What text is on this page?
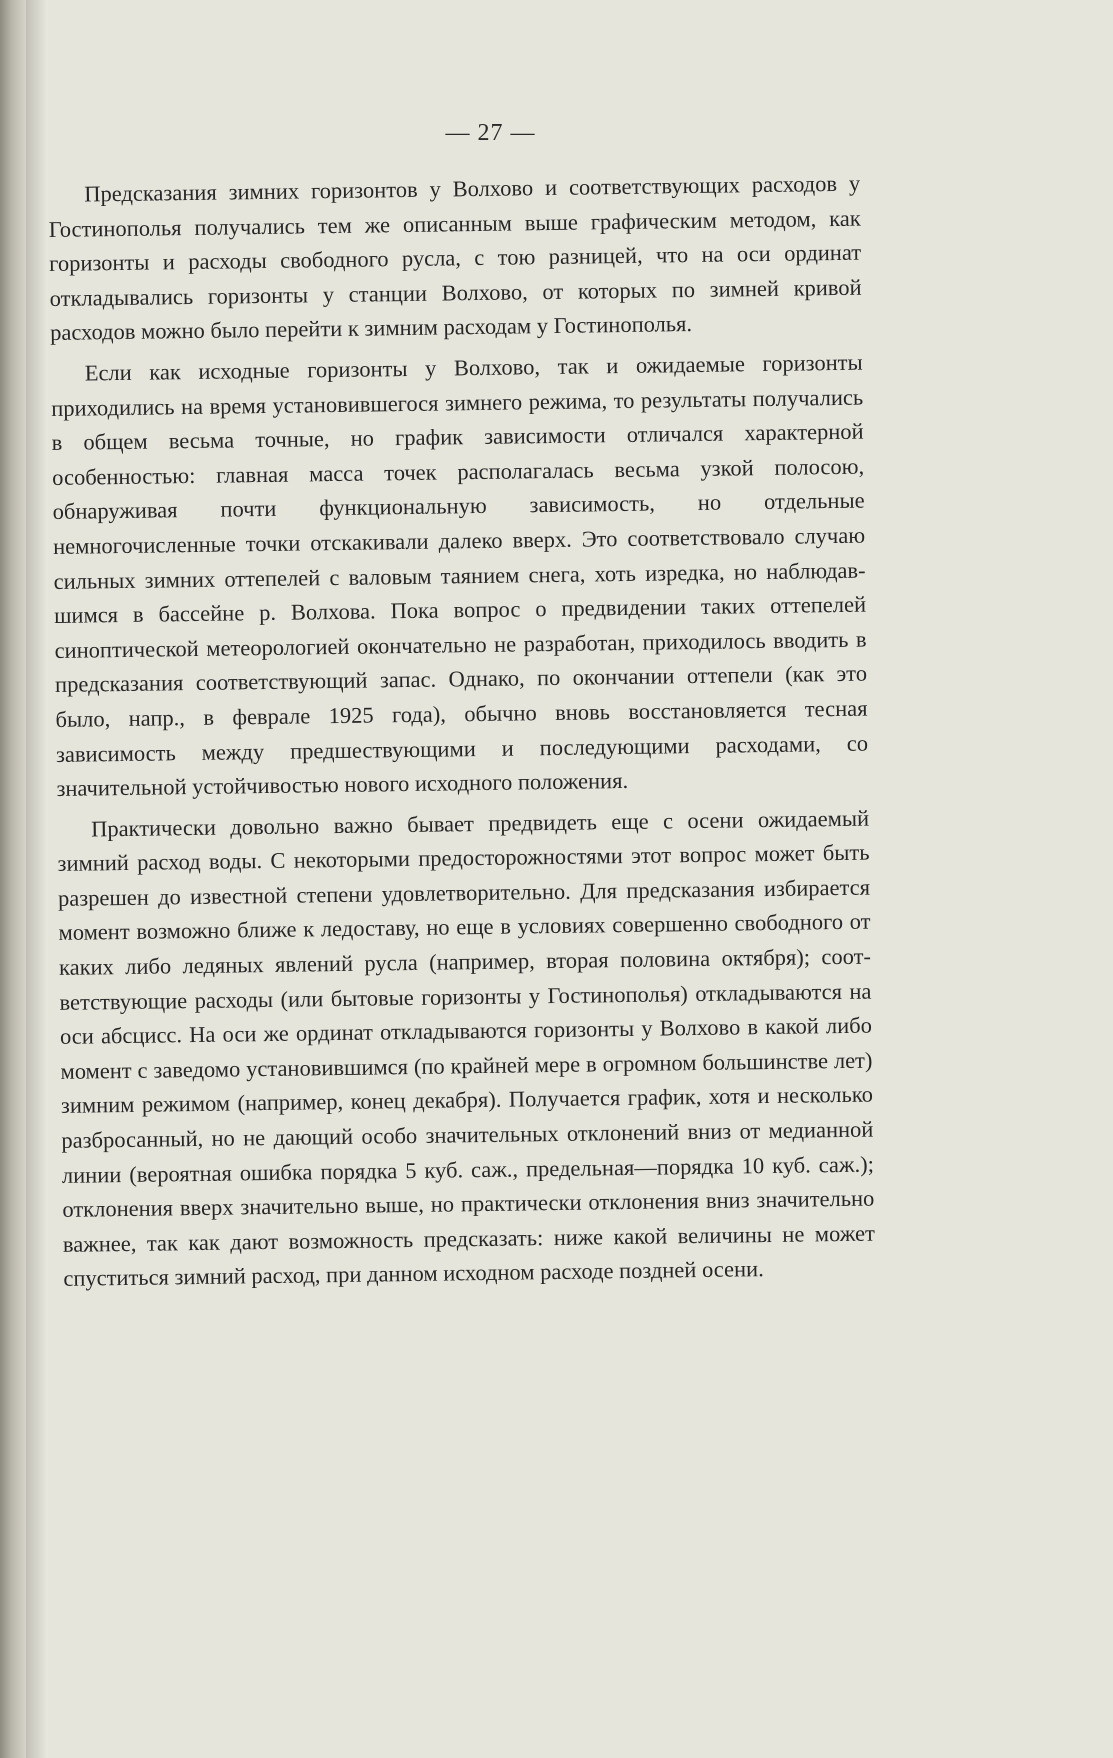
— 27 —

Предсказания зимних горизонтов у Волхово и соответствующих расходов у Гостинополья получались тем же описанным выше графическим методом, как горизонты и расходы свободного русла, с тою разницей, что на оси ординат откладывались горизонты у станции Волхово, от которых по зимней кривой расходов можно было перейти к зимним расходам у Гостинополья.

Если как исходные горизонты у Волхово, так и ожидаемые горизонты приходились на время установившегося зимнего режима, то результаты получались в общем весьма точные, но график зависимости отличался характерной особенностью: главная масса точек располагалась весьма узкой полосою, обнаруживая почти функциональную зависимость, но отдельные немногочисленные точки отскакивали далеко вверх. Это соответствовало случаю сильных зимних оттепелей с валовым таянием снега, хоть изредка, но наблюдавшимся в бассейне р. Волхова. Пока вопрос о предвидении таких оттепелей синоптической метеорологией окончательно не разработан, приходилось вводить в предсказания соответствующий запас. Однако, по окончании оттепели (как это было, напр., в феврале 1925 года), обычно вновь восстановляется тесная зависимость между предшествующими и последующими расходами, со значительной устойчивостью нового исходного положения.

Практически довольно важно бывает предвидеть еще с осени ожидаемый зимний расход воды. С некоторыми предосторожностями этот вопрос может быть разрешен до известной степени удовлетворительно. Для предсказания избирается момент возможно ближе к ледоставу, но еще в условиях совершенно свободного от каких либо ледяных явлений русла (например, вторая половина октября); соответствующие расходы (или бытовые горизонты у Гостинополья) откладываются на оси абсцисс. На оси же ординат откладываются горизонты у Волхово в какой либо момент с заведомо установившимся (по крайней мере в огромном большинстве лет) зимним режимом (например, конец декабря). Получается график, хотя и несколько разбросанный, но не дающий особо значительных отклонений вниз от медианной линии (вероятная ошибка порядка 5 куб. саж., предельная—порядка 10 куб. саж.); отклонения вверх значительно выше, но практически отклонения вниз значительно важнее, так как дают возможность предсказать: ниже какой величины не может спуститься зимний расход, при данном исходном расходе поздней осени.
